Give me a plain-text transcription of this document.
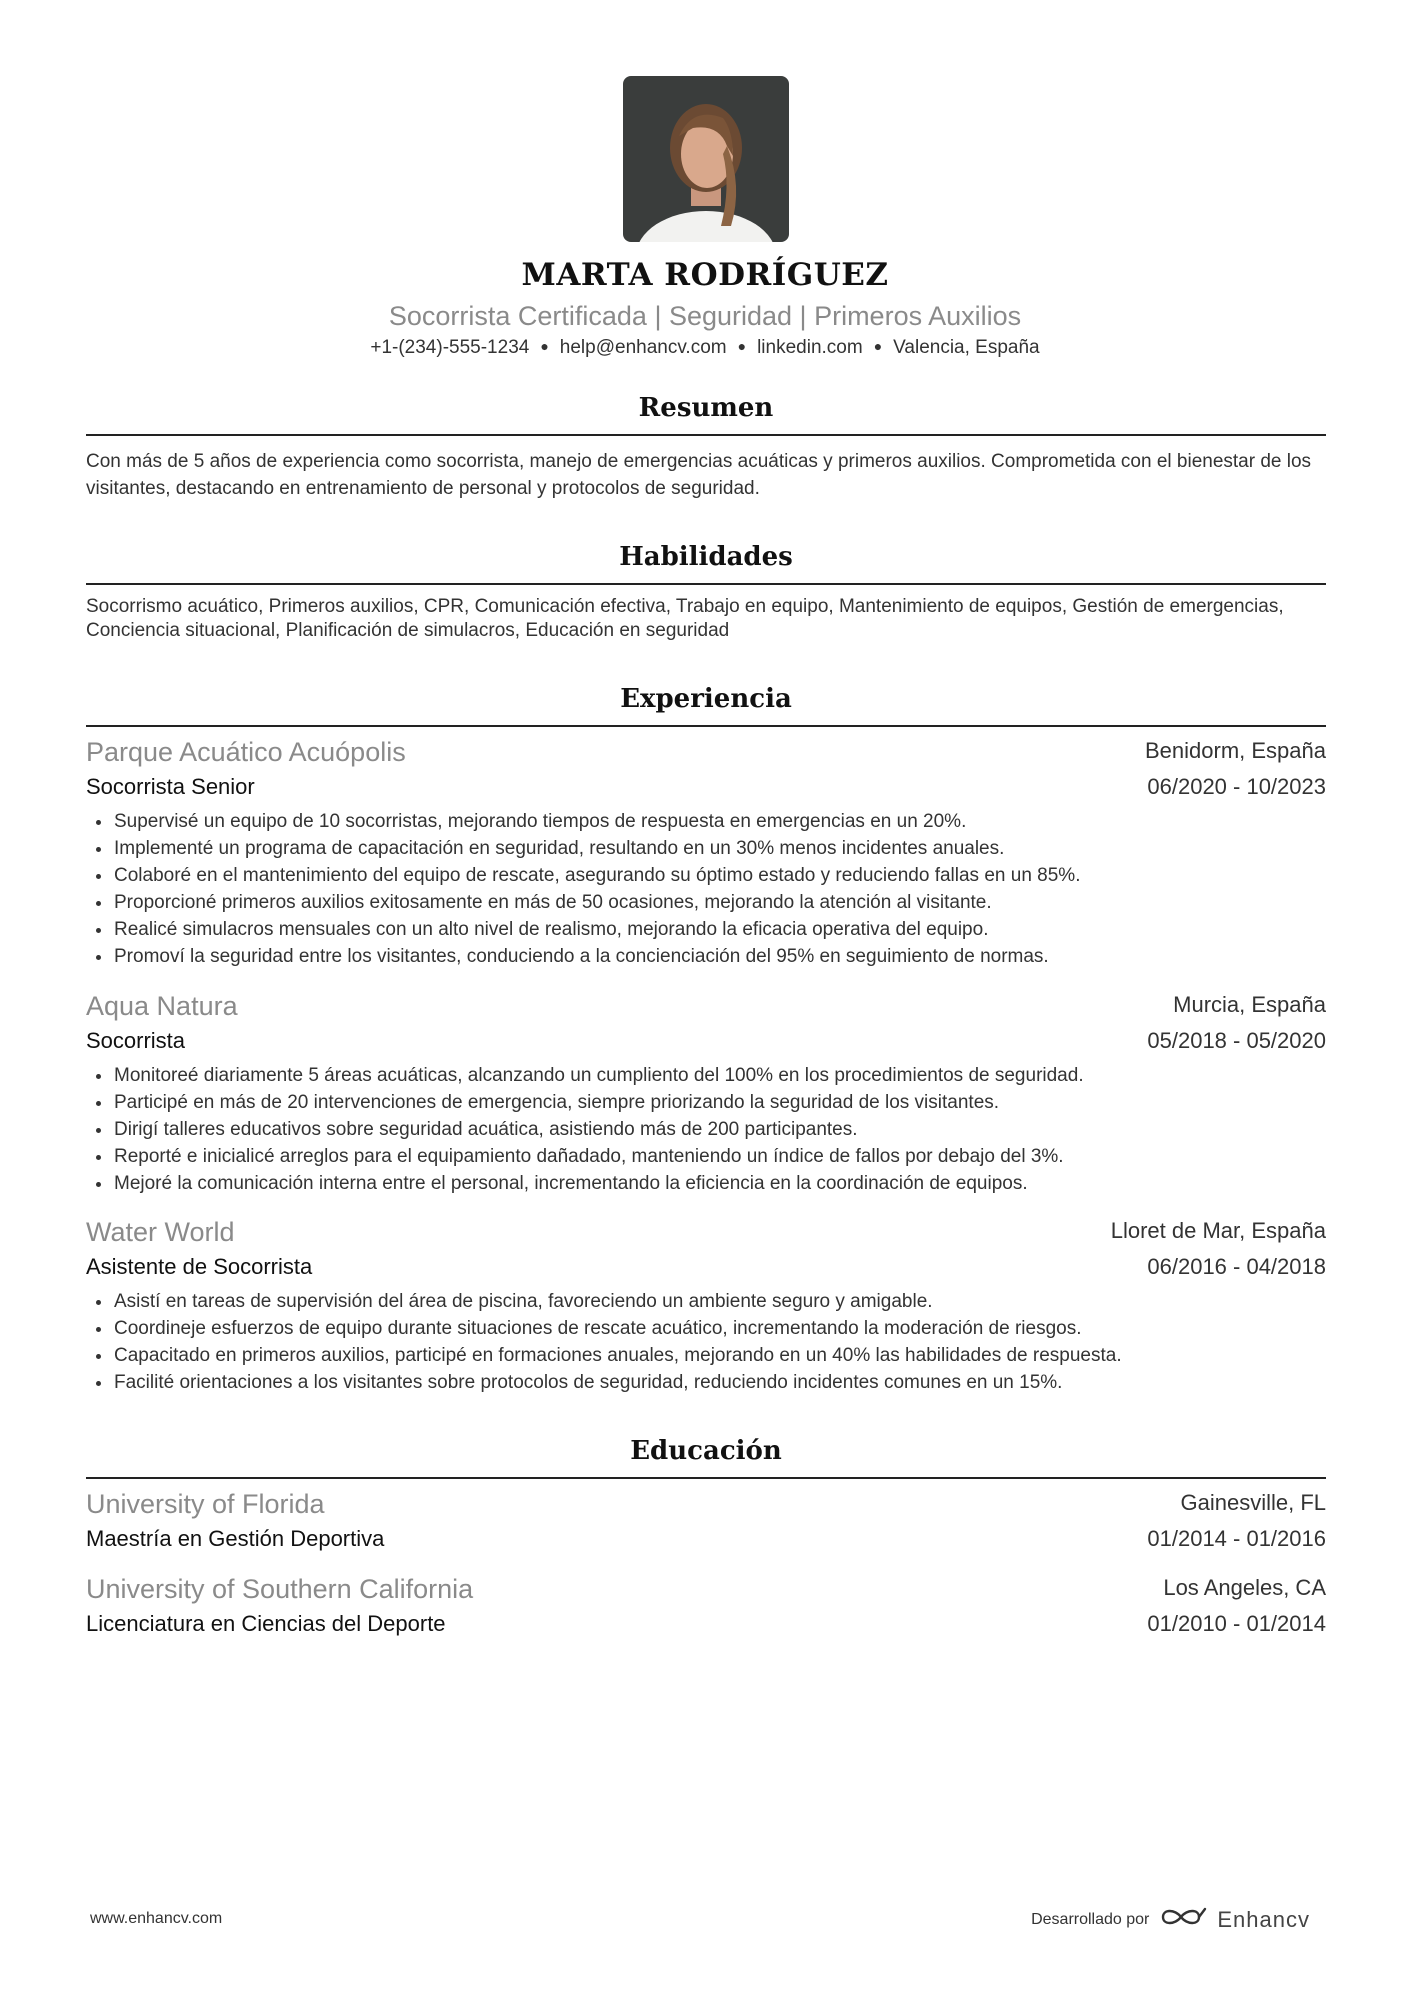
MARTA RODRÍGUEZ
Socorrista Certificada | Seguridad | Primeros Auxilios
+1-(234)-555-1234 ● help@enhancv.com ● linkedin.com ● Valencia, España
Resumen
Con más de 5 años de experiencia como socorrista, manejo de emergencias acuáticas y primeros auxilios. Comprometida con el bienestar de los visitantes, destacando en entrenamiento de personal y protocolos de seguridad.
Habilidades
Socorrismo acuático, Primeros auxilios, CPR, Comunicación efectiva, Trabajo en equipo, Mantenimiento de equipos, Gestión de emergencias, Conciencia situacional, Planificación de simulacros, Educación en seguridad
Experiencia
Parque Acuático Acuópolis	Benidorm, España
Socorrista Senior	06/2020 - 10/2023
Supervisé un equipo de 10 socorristas, mejorando tiempos de respuesta en emergencias en un 20%.
Implementé un programa de capacitación en seguridad, resultando en un 30% menos incidentes anuales.
Colaboré en el mantenimiento del equipo de rescate, asegurando su óptimo estado y reduciendo fallas en un 85%.
Proporcioné primeros auxilios exitosamente en más de 50 ocasiones, mejorando la atención al visitante.
Realicé simulacros mensuales con un alto nivel de realismo, mejorando la eficacia operativa del equipo.
Promoví la seguridad entre los visitantes, conduciendo a la concienciación del 95% en seguimiento de normas.
Aqua Natura	Murcia, España
Socorrista	05/2018 - 05/2020
Monitoreé diariamente 5 áreas acuáticas, alcanzando un cumpliento del 100% en los procedimientos de seguridad.
Participé en más de 20 intervenciones de emergencia, siempre priorizando la seguridad de los visitantes.
Dirigí talleres educativos sobre seguridad acuática, asistiendo más de 200 participantes.
Reporté e inicialicé arreglos para el equipamiento dañadado, manteniendo un índice de fallos por debajo del 3%.
Mejoré la comunicación interna entre el personal, incrementando la eficiencia en la coordinación de equipos.
Water World	Lloret de Mar, España
Asistente de Socorrista	06/2016 - 04/2018
Asistí en tareas de supervisión del área de piscina, favoreciendo un ambiente seguro y amigable.
Coordineje esfuerzos de equipo durante situaciones de rescate acuático, incrementando la moderación de riesgos.
Capacitado en primeros auxilios, participé en formaciones anuales, mejorando en un 40% las habilidades de respuesta.
Facilité orientaciones a los visitantes sobre protocolos de seguridad, reduciendo incidentes comunes en un 15%.
Educación
University of Florida	Gainesville, FL
Maestría en Gestión Deportiva	01/2014 - 01/2016
University of Southern California	Los Angeles, CA
Licenciatura en Ciencias del Deporte	01/2010 - 01/2014
www.enhancv.com	Desarrollado por	Enhancv
